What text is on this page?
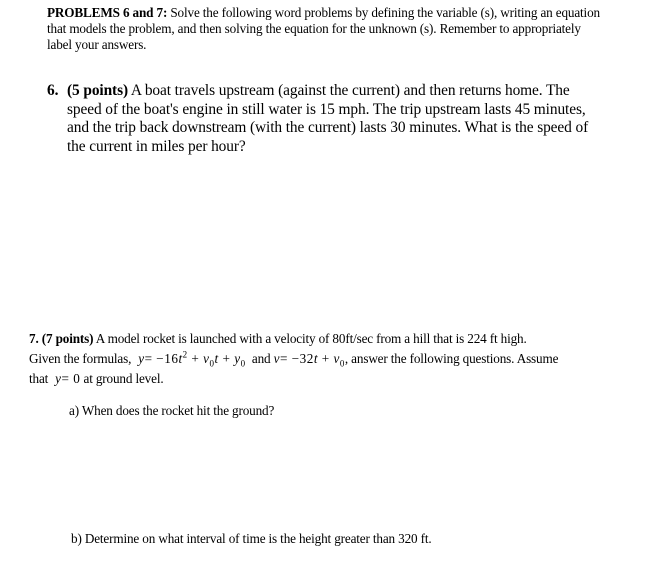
PROBLEMS 6 and 7: Solve the following word problems by defining the variable (s), writing an equation that models the problem, and then solving the equation for the unknown (s). Remember to appropriately label your answers.
6. (5 points) A boat travels upstream (against the current) and then returns home. The
speed of the boat's engine in still water is 15 mph. The trip upstream lasts 45 minutes, and the trip back downstream (with the current) lasts 30 minutes. What is the speed of the current in miles per hour?
7. (7 points) A model rocket is launched with a velocity of 80ft/sec from a hill that is 224 ft high.
Given the formulas, $y= -16t^2 + v_0t + y_0$ and $v= -32t + v_0$, answer the following questions. Assume
that y= 0 at ground level.
a) When does the rocket hit the ground?
b) Determine on what interval of time is the height greater than 320 ft.
